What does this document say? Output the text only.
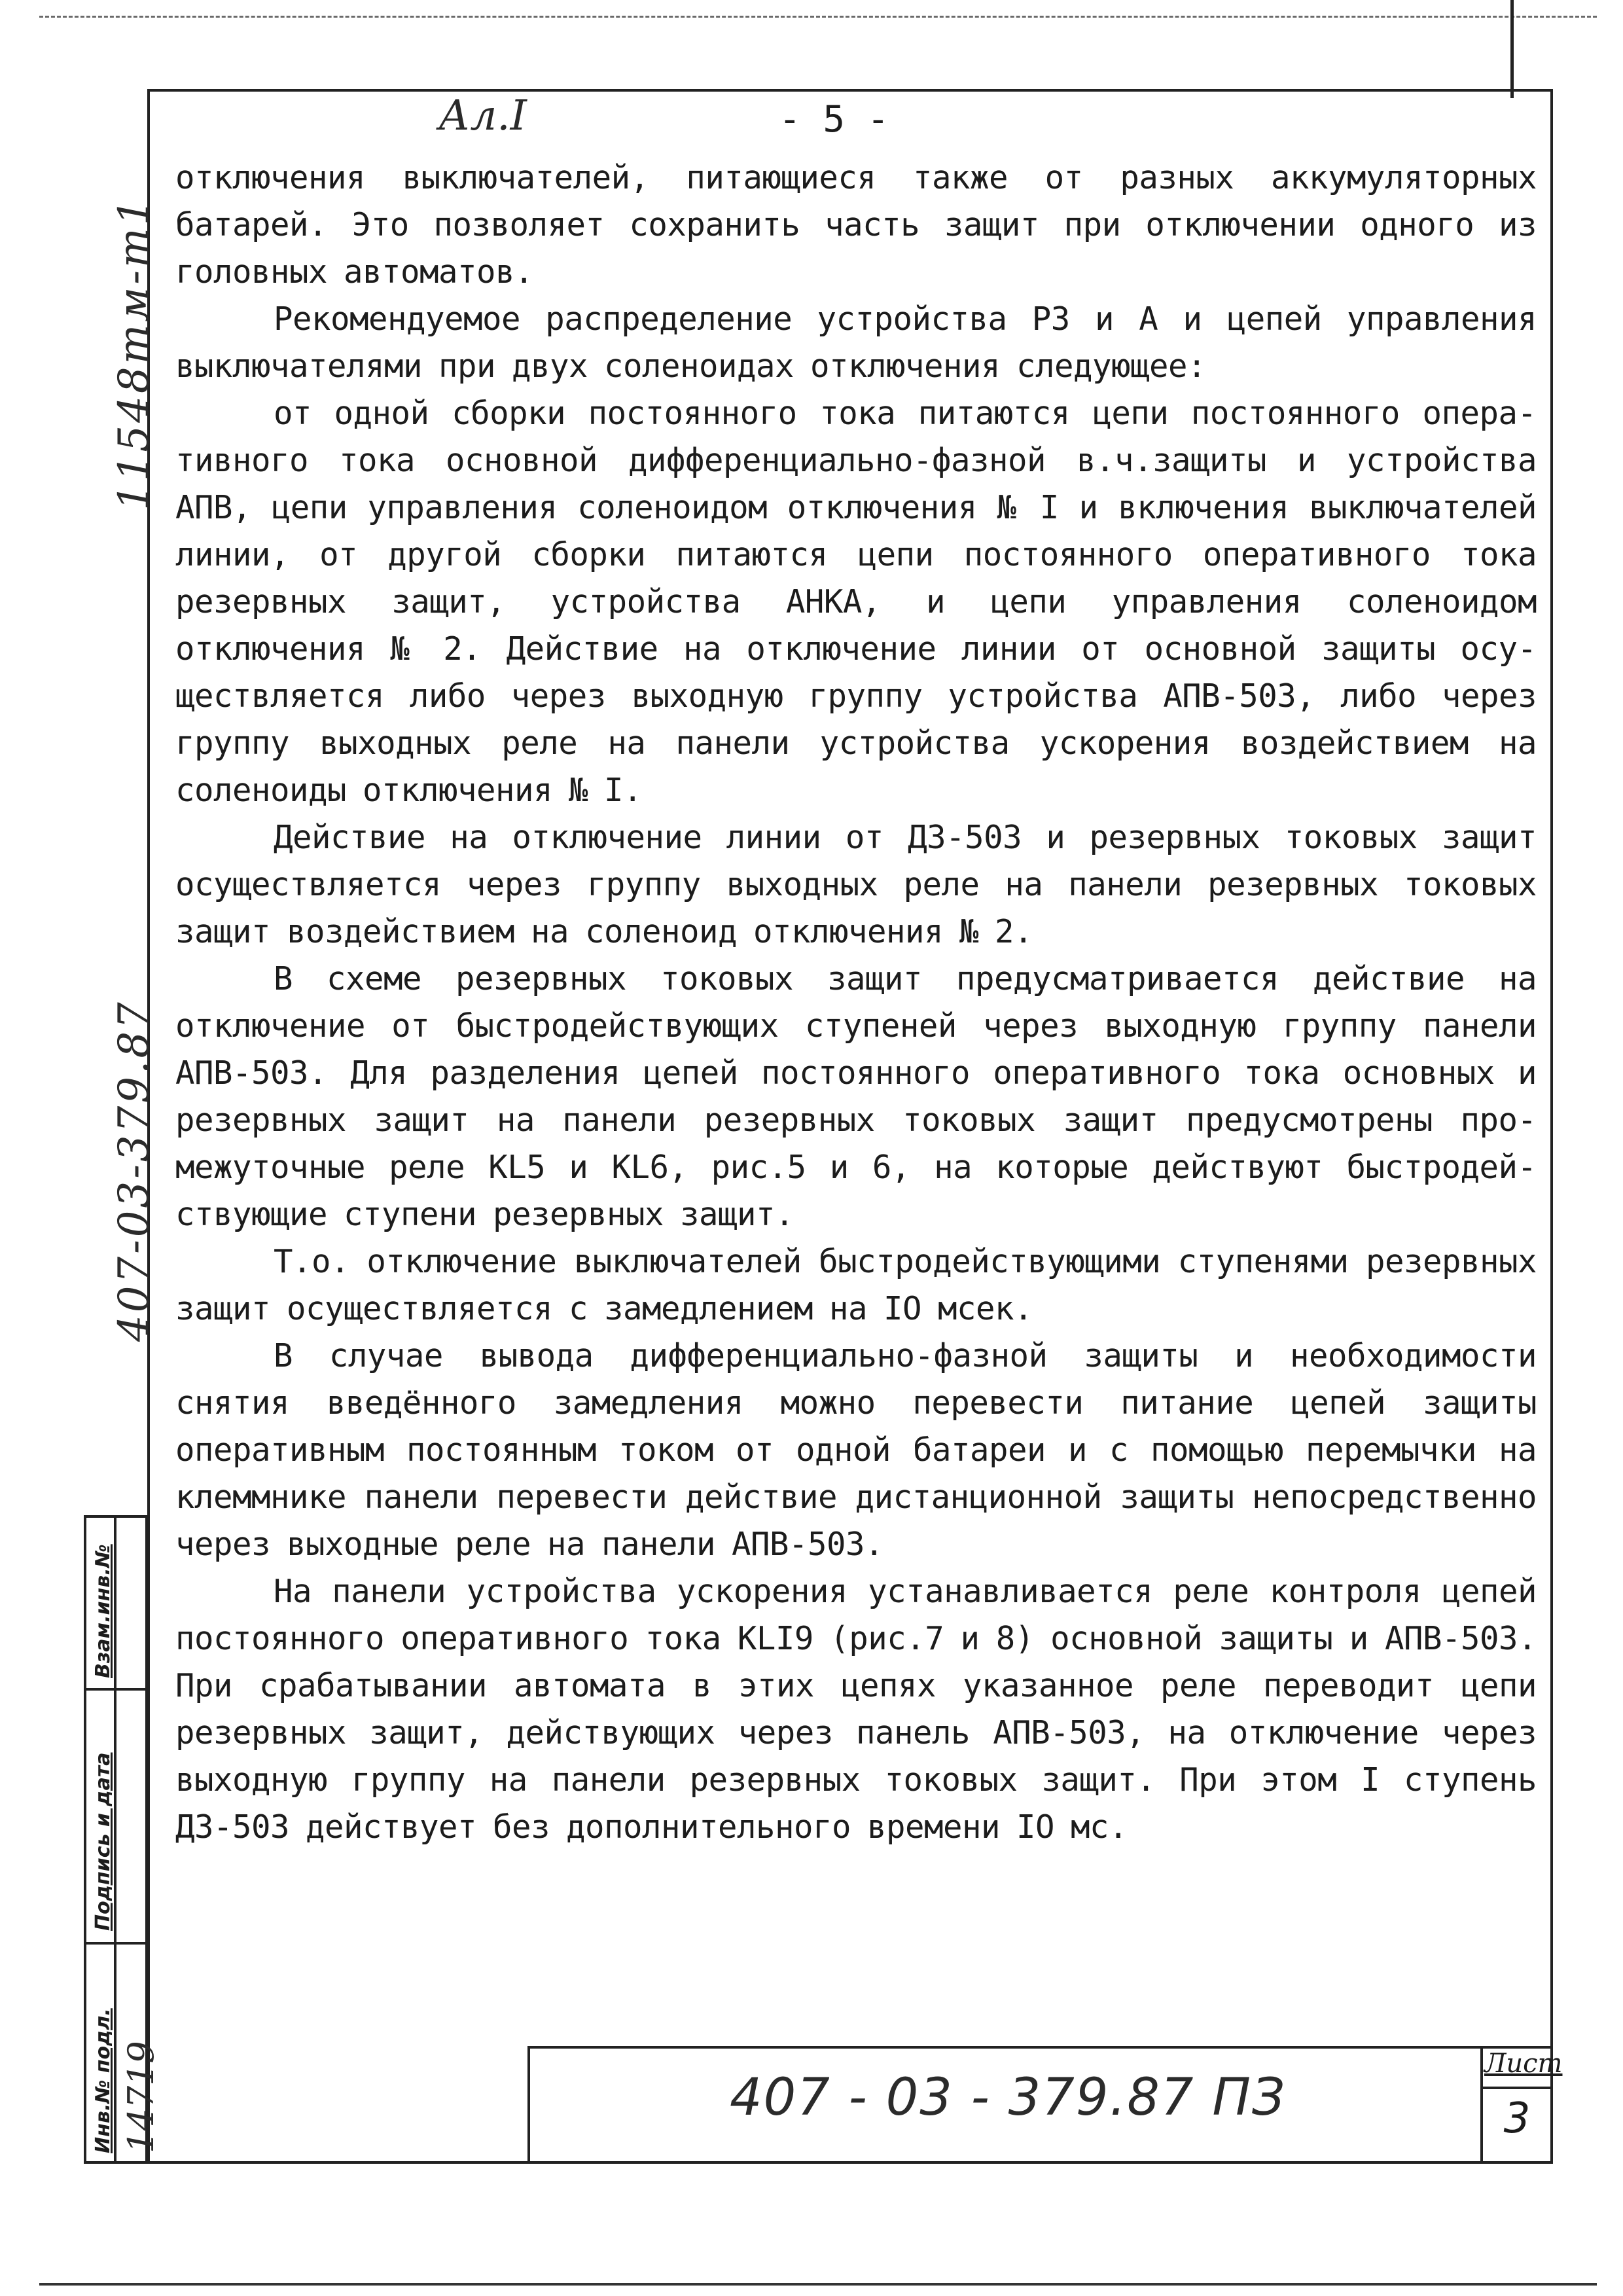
Ал.I	- 5 -

отключения выключателей, питающиеся также от разных аккумуляторных батарей. Это позволяет сохранить часть защит при отключении одного из головных автоматов.

Рекомендуемое распределение устройства РЗ и А и цепей управления выключателями при двух соленоидах отключения следующее:

от одной сборки постоянного тока питаются цепи постоянного оперативного тока основной дифференциально-фазной в.ч.защиты и устройства АПВ, цепи управления соленоидом отключения № I и включения выключателей линии, от другой сборки питаются цепи постоянного оперативного тока резервных защит, устройства АНКА, и цепи управления соленоидом отключения № 2. Действие на отключение линии от основной защиты осуществляется либо через выходную группу устройства АПВ-503, либо через группу выходных реле на панели устройства ускорения воздействием на соленоиды отключения № I.

Действие на отключение линии от ДЗ-503 и резервных токовых защит осуществляется через группу выходных реле на панели резервных токовых защит воздействием на соленоид отключения № 2.

В схеме резервных токовых защит предусматривается действие на отключение от быстродействующих ступеней через выходную группу панели АПВ-503. Для разделения цепей постоянного оперативного тока основных и резервных защит на панели резервных токовых защит предусмотрены промежуточные реле KL5 и KL6, рис.5 и 6, на которые действуют быстродействующие ступени резервных защит.

Т.о. отключение выключателей быстродействующими ступенями резервных защит осуществляется с замедлением на IO мсек.

В случае вывода дифференциально-фазной защиты и необходимости снятия введённого замедления можно перевести питание цепей защиты оперативным постоянным током от одной батареи и с помощью перемычки на клеммнике панели перевести действие дистанционной защиты непосредственно через выходные реле на панели АПВ-503.

На панели устройства ускорения устанавливается реле контроля цепей постоянного оперативного тока KLI9 (рис.7 и 8) основной защиты и АПВ-503. При срабатывании автомата в этих цепях указанное реле переводит цепи резервных защит, действующих через панель АПВ-503, на отключение через выходную группу на панели резервных токовых защит. При этом I ступень ДЗ-503 действует без дополнительного времени IO мс.

11548тм-т1
407-03-379.87
Взам.инв.№
Подпись и дата
Инв.№ подл. 14719	407 - 03 - 379.87 ПЗ
Лист
3
